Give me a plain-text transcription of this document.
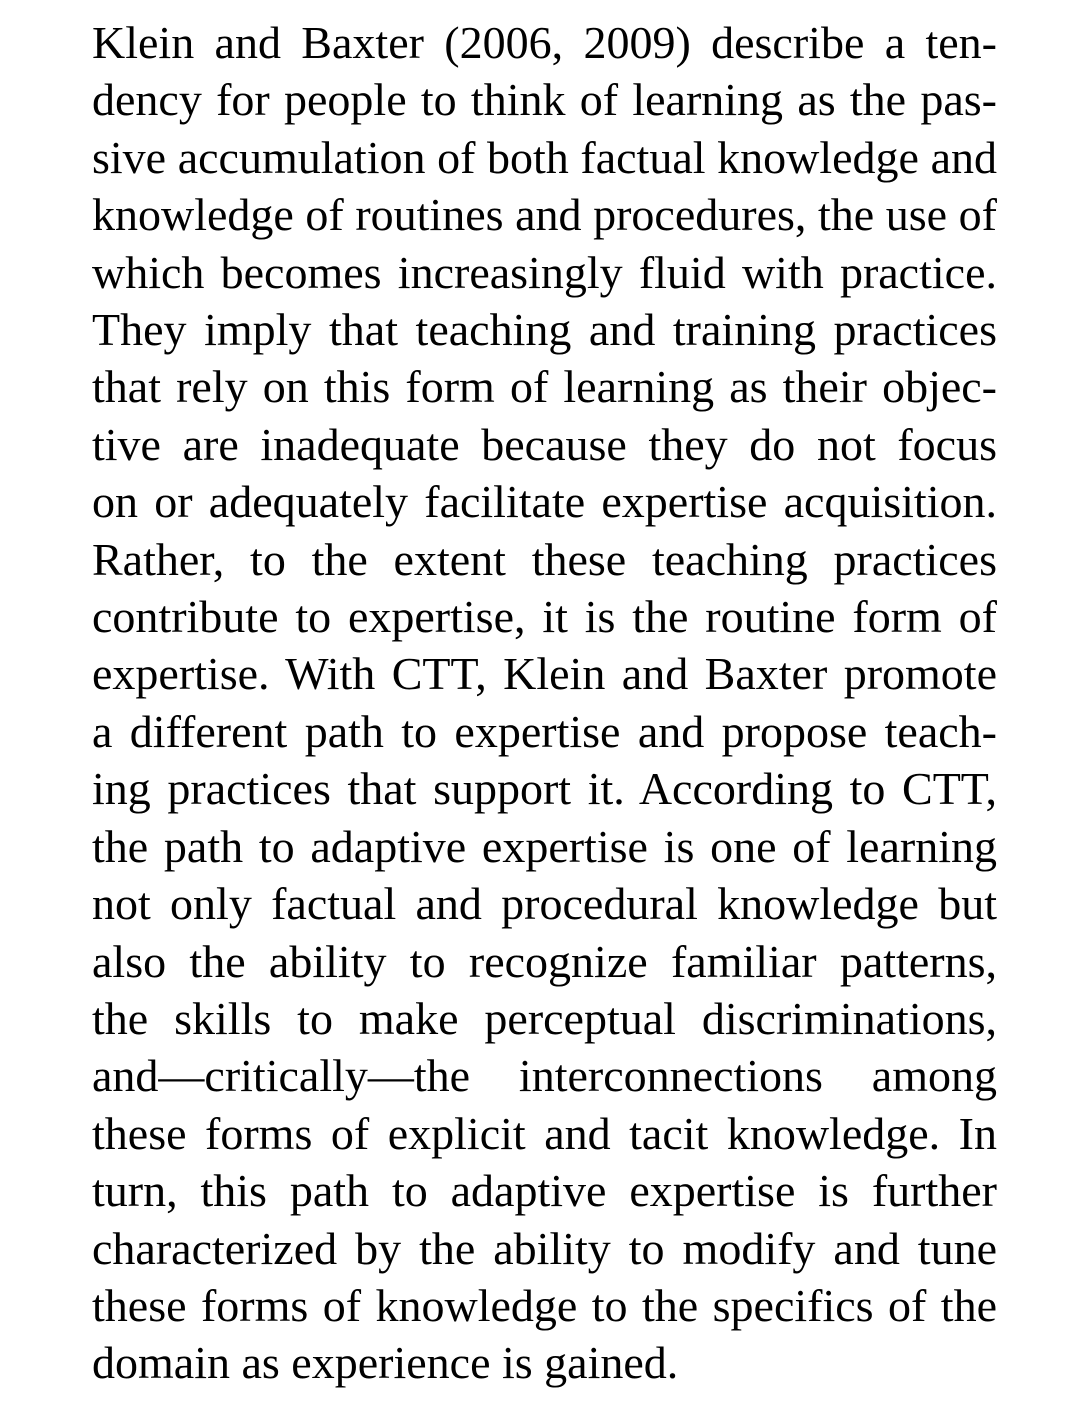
Klein and Baxter (2006, 2009) describe a ten-
dency for people to think of learning as the pas-
sive accumulation of both factual knowledge and
knowledge of routines and procedures, the use of
which becomes increasingly fluid with practice.
They imply that teaching and training practices
that rely on this form of learning as their objec-
tive are inadequate because they do not focus
on or adequately facilitate expertise acquisition.
Rather, to the extent these teaching practices
contribute to expertise, it is the routine form of
expertise. With CTT, Klein and Baxter promote
a different path to expertise and propose teach-
ing practices that support it. According to CTT,
the path to adaptive expertise is one of learning
not only factual and procedural knowledge but
also the ability to recognize familiar patterns,
the skills to make perceptual discriminations,
and—critically—the interconnections among
these forms of explicit and tacit knowledge. In
turn, this path to adaptive expertise is further
characterized by the ability to modify and tune
these forms of knowledge to the specifics of the
domain as experience is gained.
